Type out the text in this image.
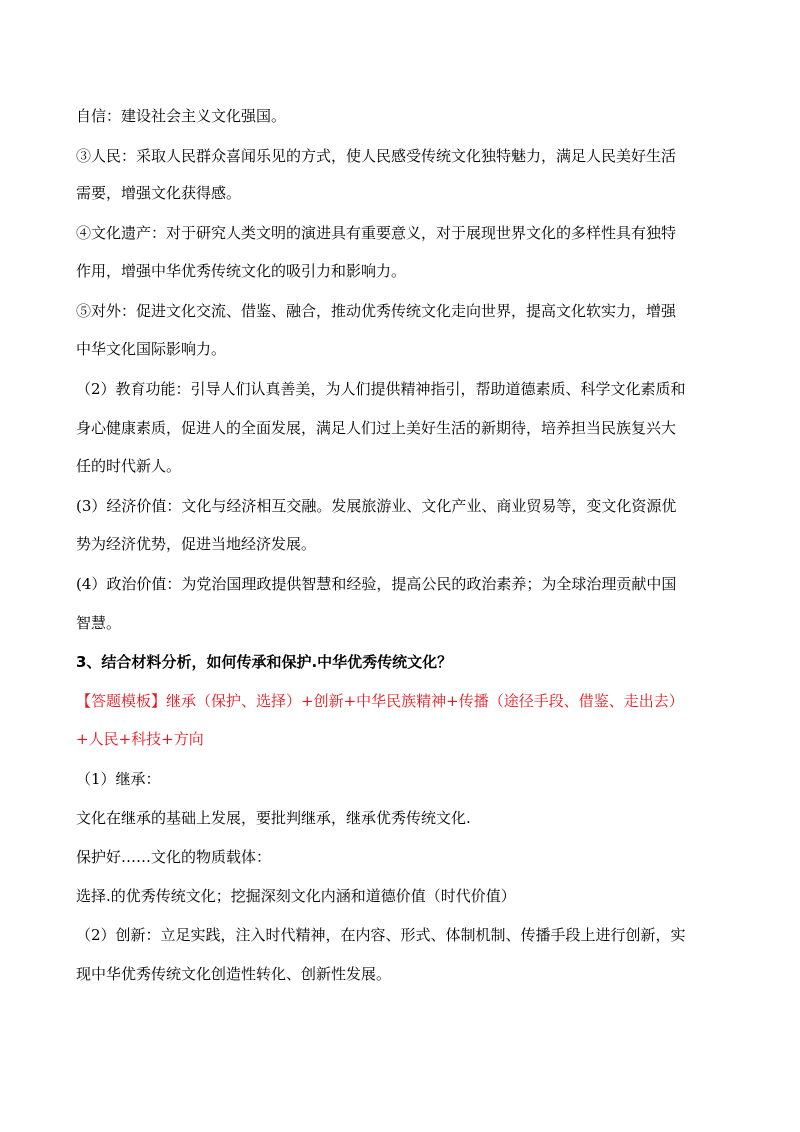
自信：建设社会主义文化强国。
③人民：采取人民群众喜闻乐见的方式，使人民感受传统文化独特魅力，满足人民美好生活
需要，增强文化获得感。
④文化遗产：对于研究人类文明的演进具有重要意义，对于展现世界文化的多样性具有独特
作用，增强中华优秀传统文化的吸引力和影响力。
⑤对外：促进文化交流、借鉴、融合，推动优秀传统文化走向世界，提高文化软实力，增强
中华文化国际影响力。
（2）教育功能：引导人们认真善美，为人们提供精神指引，帮助道德素质、科学文化素质和
身心健康素质，促进人的全面发展，满足人们过上美好生活的新期待，培养担当民族复兴大
任的时代新人。
(3）经济价值：文化与经济相互交融。发展旅游业、文化产业、商业贸易等，变文化资源优
势为经济优势，促进当地经济发展。
(4）政治价值：为党治国理政提供智慧和经验，提高公民的政治素养；为全球治理贡献中国
智慧。
3、结合材料分析，如何传承和保护.中华优秀传统文化？
【答题模板】继承（保护、选择）+创新+中华民族精神+传播（途径手段、借鉴、走出去）
+人民+科技+方向
（1）继承：
文化在继承的基础上发展，要批判继承，继承优秀传统文化.
保护好……文化的物质载体：
选择.的优秀传统文化；挖掘深刻文化内涵和道德价值（时代价值）
（2）创新：立足实践，注入时代精神，在内容、形式、体制机制、传播手段上进行创新，实
现中华优秀传统文化创造性转化、创新性发展。
